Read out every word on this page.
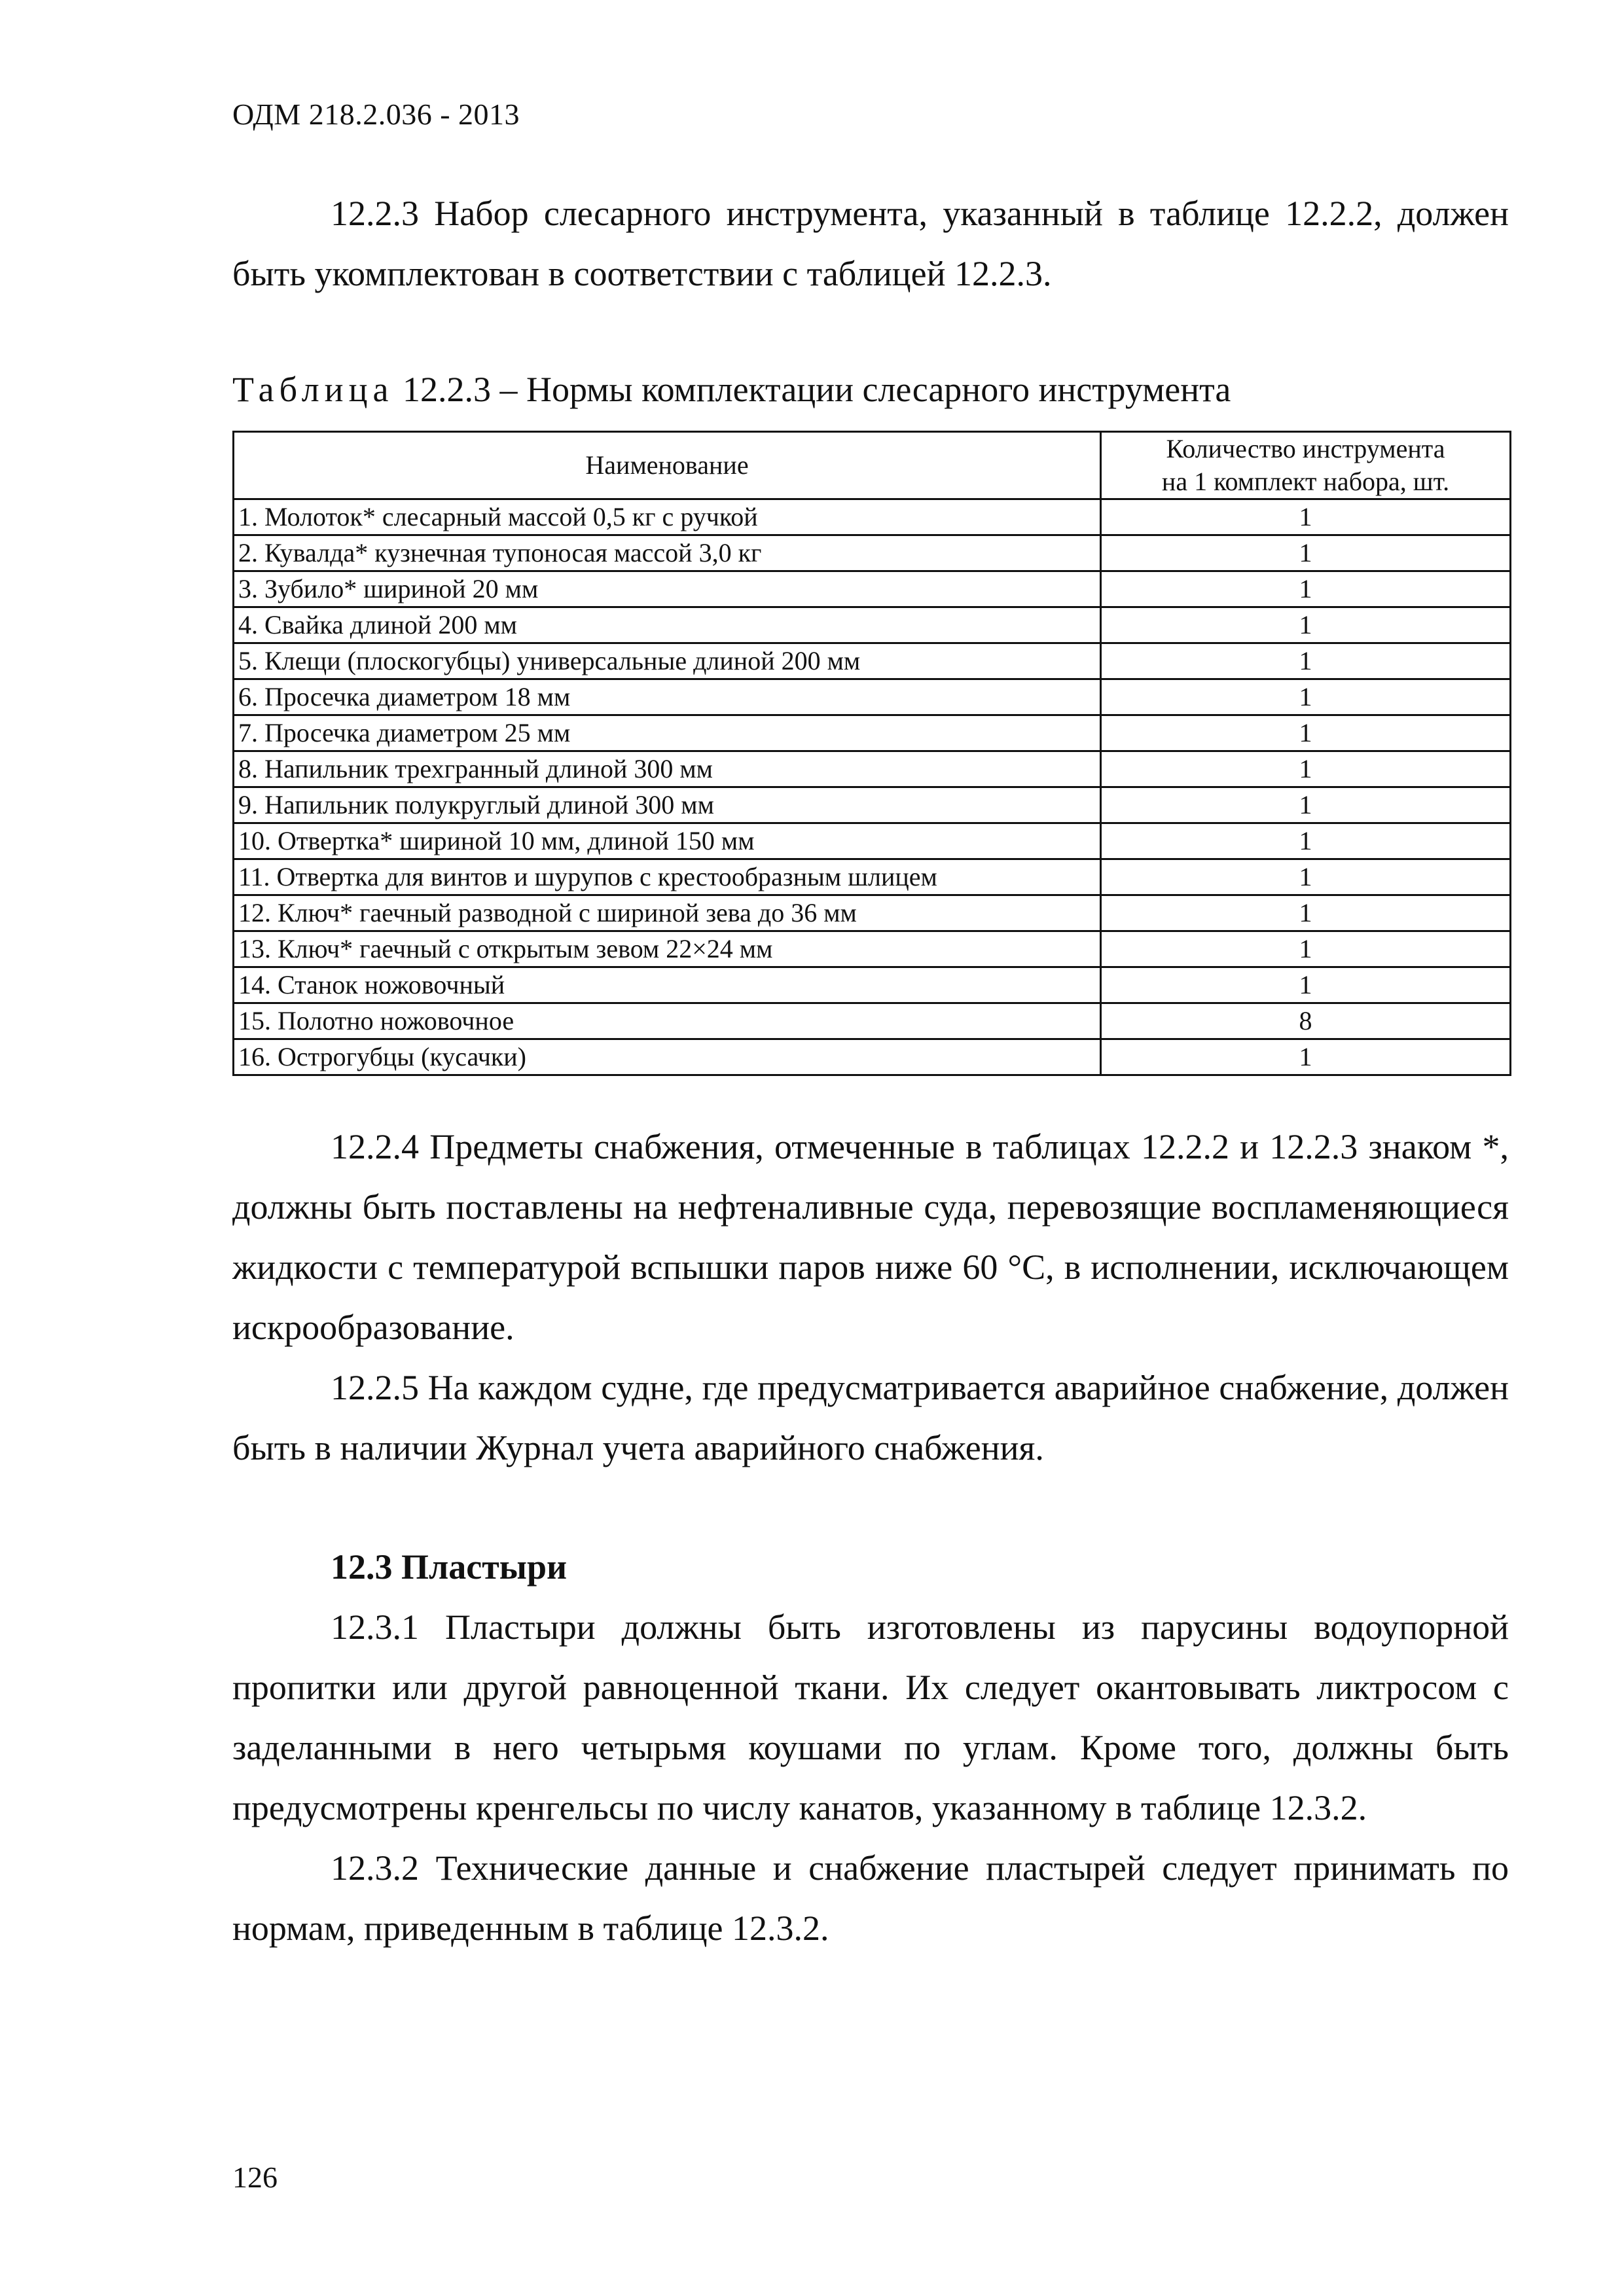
ОДМ 218.2.036 - 2013

12.2.3 Набор слесарного инструмента, указанный в таблице 12.2.2, должен быть укомплектован в соответствии с таблицей 12.2.3.

Таблица 12.2.3 – Нормы комплектации слесарного инструмента
Наименование	Количество инструмента
на 1 комплект набора, шт.
1. Молоток* слесарный массой 0,5 кг с ручкой	1
2. Кувалда* кузнечная тупоносая массой 3,0 кг	1
3. Зубило* шириной 20 мм	1
4. Свайка длиной 200 мм	1
5. Клещи (плоскогубцы) универсальные длиной 200 мм	1
6. Просечка диаметром 18 мм	1
7. Просечка диаметром 25 мм	1
8. Напильник трехгранный длиной 300 мм	1
9. Напильник полукруглый длиной 300 мм	1
10. Отвертка* шириной 10 мм, длиной 150 мм	1
11. Отвертка для винтов и шурупов с крестообразным шлицем	1
12. Ключ* гаечный разводной с шириной зева до 36 мм	1
13. Ключ* гаечный с открытым зевом 22×24 мм	1
14. Станок ножовочный	1
15. Полотно ножовочное	8
16. Острогубцы (кусачки)	1

12.2.4 Предметы снабжения, отмеченные в таблицах 12.2.2 и 12.2.3 знаком *, должны быть поставлены на нефтеналивные суда, перевозящие воспламеняющиеся жидкости с температурой вспышки паров ниже 60 °С, в исполнении, исключающем искрообразование.

12.2.5 На каждом судне, где предусматривается аварийное снабжение, должен быть в наличии Журнал учета аварийного снабжения.

12.3 Пластыри

12.3.1 Пластыри должны быть изготовлены из парусины водоупорной пропитки или другой равноценной ткани. Их следует окантовывать ликтросом с заделанными в него четырьмя коушами по углам. Кроме того, должны быть предусмотрены кренгельсы по числу канатов, указанному в таблице 12.3.2.

12.3.2 Технические данные и снабжение пластырей следует принимать по нормам, приведенным в таблице 12.3.2.

126
